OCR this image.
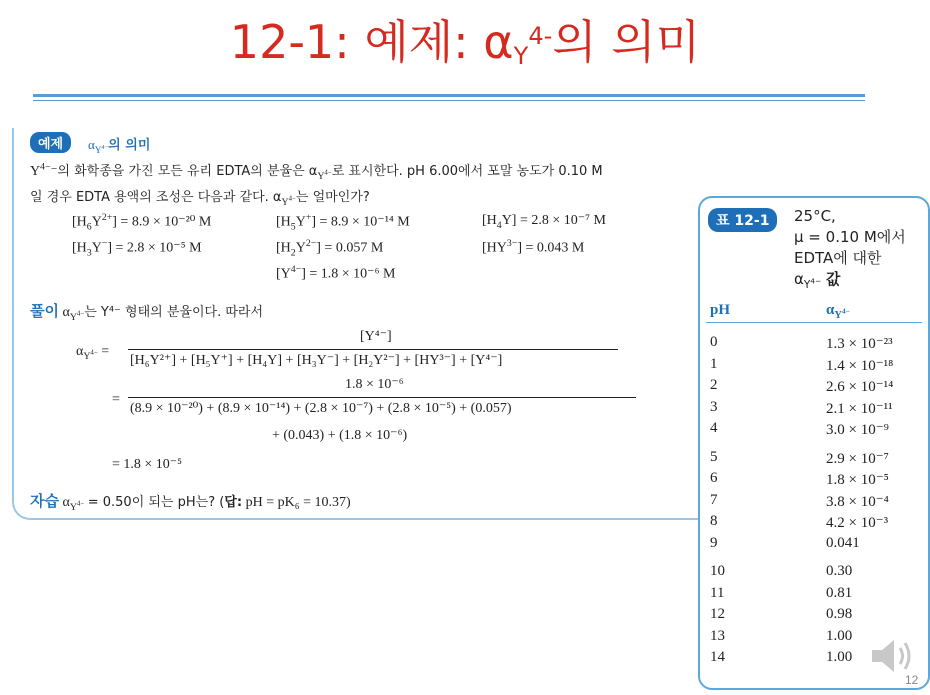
12-1: 예제: $\alpha_Y^{4-}$의 의미
예제	$\alpha_{Y^{4-}}$의 의미
$Y^{4-}^-$의 화학종을 가진 모든 유리 EDTA의 분율은 $\alpha_{Y^{4-}}$로 표시한다. pH 6.00에서 포말 농도가 0.10 M
일 경우 EDTA 용액의 조성은 다음과 같다. $\alpha_{Y^{4-}}$는 얼마인가?
$[H_6Y^{2+}] = 8.9 \times 10^{-20}$ M	$[H_5Y^+] = 8.9 \times 10^{-14}$ M	$[H_4Y] = 2.8 \times 10^{-7}$ M
$[H_3Y^-] = 2.8 \times 10^{-5}$ M	$[H_2Y^{2-}] = 0.057$ M	$[HY^{3-}] = 0.043$ M
$[Y^{4-}] = 1.8 \times 10^{-6}$ M
풀이 $\alpha_{Y^{4-}}$는 Y⁴⁻ 형태의 분율이다. 따라서
$\alpha_{Y^{4-}}$ =
[Y⁴⁻]
[H₆Y²⁺] + [H₅Y⁺] + [H₄Y] + [H₃Y⁻] + [H₂Y²⁻] + [HY³⁻] + [Y⁴⁻]
=
1.8 × 10⁻⁶
(8.9 × 10⁻²⁰) + (8.9 × 10⁻¹⁴) + (2.8 × 10⁻⁷) + (2.8 × 10⁻⁵) + (0.057)
+ (0.043) + (1.8 × 10⁻⁶)
= 1.8 × 10⁻⁵
자습 $\alpha_{Y^{4-}} = 0.50$이 되는 pH는? (답: pH = pK₆ = 10.37)
표 12-1	25°C,
μ = 0.10 M에서
EDTA에 대한
$\alpha_{Y^{4-}}$ 값
pH	$\alpha_{Y^{4-}}$
0	1.3 × 10⁻²³
1	1.4 × 10⁻¹⁸
2	2.6 × 10⁻¹⁴
3	2.1 × 10⁻¹¹
4	3.0 × 10⁻⁹
5	2.9 × 10⁻⁷
6	1.8 × 10⁻⁵
7	3.8 × 10⁻⁴
8	4.2 × 10⁻³
9	0.041
10	0.30
11	0.81
12	0.98
13	1.00
14	1.00
12
